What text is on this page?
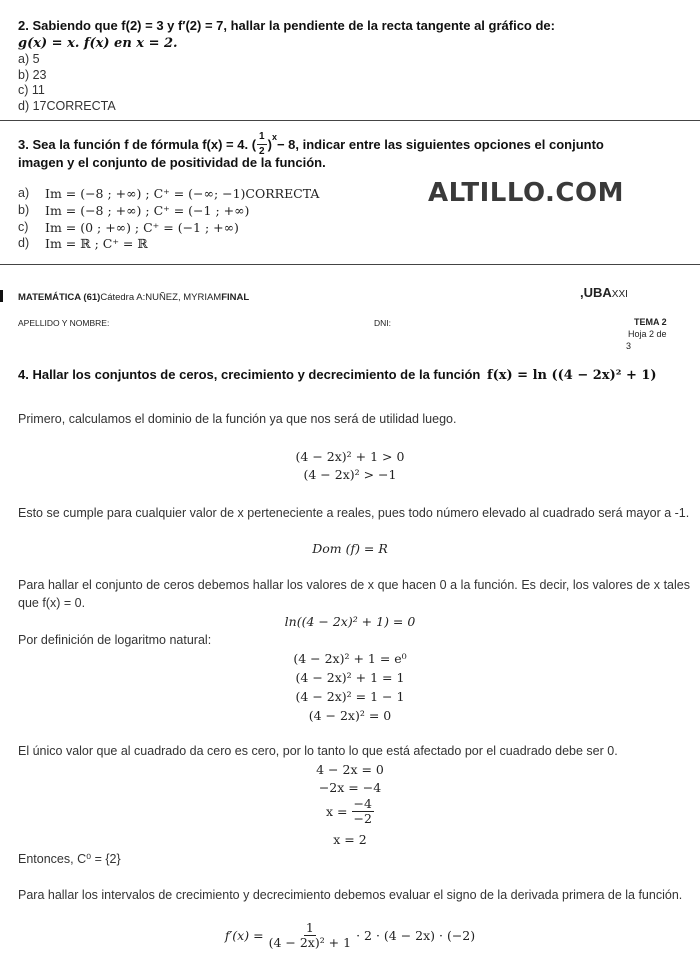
2. Sabiendo que f(2) = 3 y f′(2) = 7, hallar la pendiente de la recta tangente al gráfico de:
g(x) = x. f(x) en x = 2.
a) 5
b) 23
c) 11
d) 17CORRECTA
3. Sea la función f de fórmula f(x) = 4. ( $\frac{1}{2}$ )
$^x$
− 8, indicar entre las siguientes opciones el conjunto
imagen y el conjunto de positividad de la función.
a) Im = (−8 ; +∞) ; C⁺ = (−∞; −1)CORRECTA
b) Im = (−8 ; +∞) ; C⁺ = (−1 ; +∞)
c) Im = (0 ; +∞) ; C⁺ = (−1 ; +∞)
d) Im = ℝ ; C⁺ = ℝ
ALTILLO.COM
MATEMÁTICA (61)Cátedra A:NUÑEZ, MYRIAMFINAL	,UBAXXI
APELLIDO Y NOMBRE:	DNI:	TEMA 2
Hoja 2 de
3
4. Hallar los conjuntos de ceros, crecimiento y decrecimiento de la función f(x) = ln ((4 − 2x)² + 1)
Primero, calculamos el dominio de la función ya que nos será de utilidad luego.
(4 − 2x)² + 1 > 0
(4 − 2x)² > −1
Esto se cumple para cualquier valor de x perteneciente a reales, pues todo número elevado al cuadrado será mayor a -1.
Dom (f) = R
Para hallar el conjunto de ceros debemos hallar los valores de x que hacen 0 a la función. Es decir, los valores de x tales que f(x) = 0.
ln((4 − 2x)² + 1) = 0
Por definición de logaritmo natural:
(4 − 2x)² + 1 = e⁰
(4 − 2x)² + 1 = 1
(4 − 2x)² = 1 − 1
(4 − 2x)² = 0
El único valor que al cuadrado da cero es cero, por lo tanto lo que está afectado por el cuadrado debe ser 0.
4 − 2x = 0
−2x = −4
$x = \frac{-4}{-2}$
x = 2
Entonces, C⁰ = {2}
Para hallar los intervalos de crecimiento y decrecimiento debemos evaluar el signo de la derivada primera de la función.
$f'(x) = \frac{1}{\text{(4 − 2x)² + 1}} \cdot 2 \cdot (4 - 2x) \cdot (-2)$
